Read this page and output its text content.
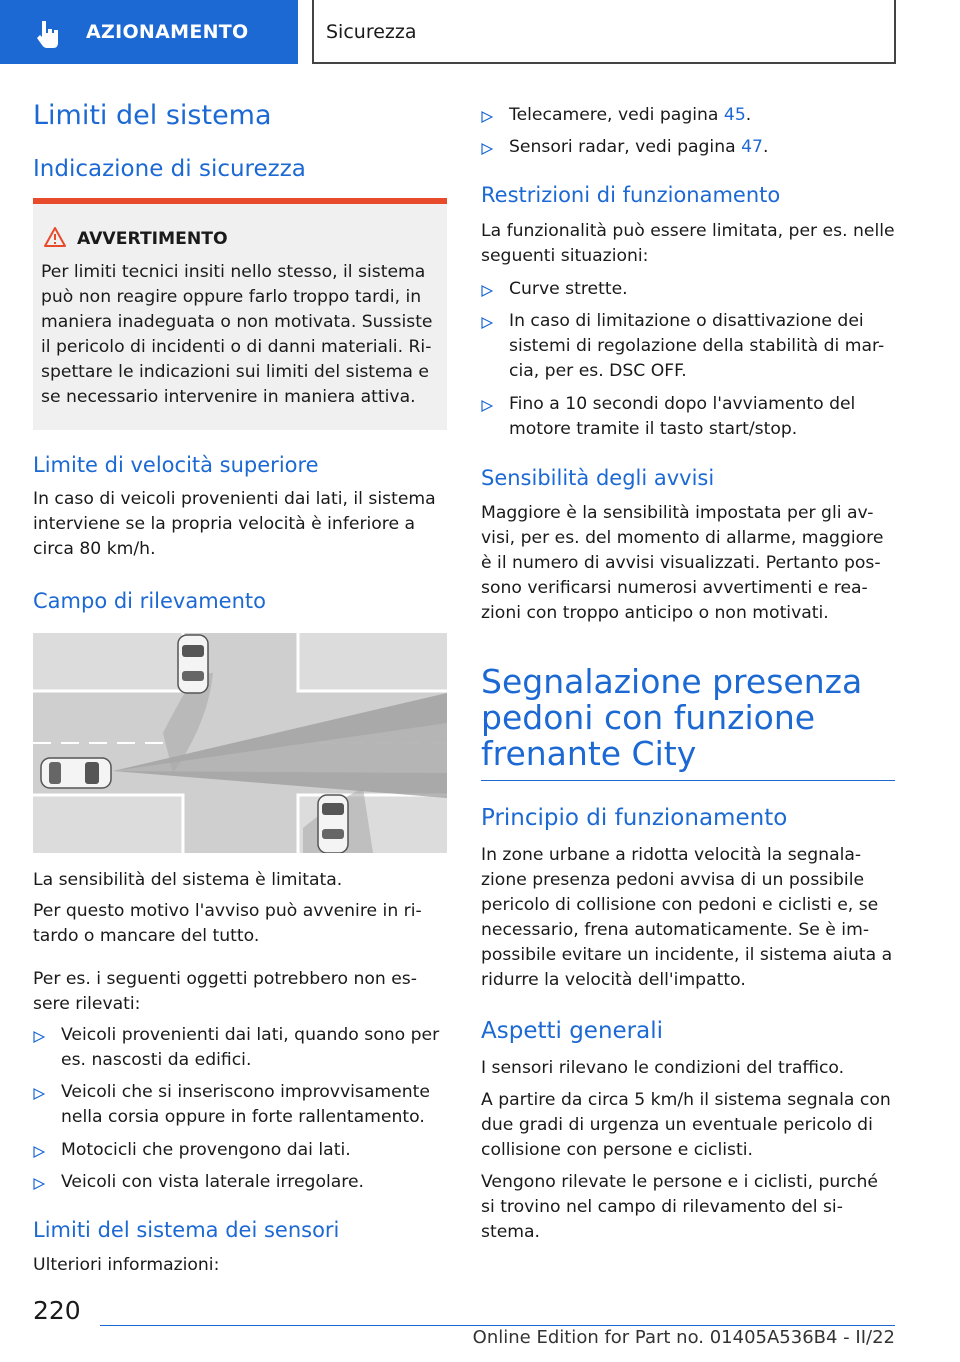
AZIONAMENTO	Sicurezza
Limiti del sistema
Indicazione di sicurezza
AVVERTIMENTO
Per limiti tecnici insiti nello stesso, il sistema può non reagire oppure farlo troppo tardi, in maniera inadeguata o non motivata. Sussiste il pericolo di incidenti o di danni materiali. Ri-spettare le indicazioni sui limiti del sistema e se necessario intervenire in maniera attiva.
Limite di velocità superiore
In caso di veicoli provenienti dai lati, il sistema interviene se la propria velocità è inferiore a circa 80 km/h.
Campo di rilevamento
La sensibilità del sistema è limitata.
Per questo motivo l'avviso può avvenire in ri-tardo o mancare del tutto.
Per es. i seguenti oggetti potrebbero non es-sere rilevati:
Veicoli provenienti dai lati, quando sono per es. nascosti da edifici.
Veicoli che si inseriscono improvvisamente nella corsia oppure in forte rallentamento.
Motocicli che provengono dai lati.
Veicoli con vista laterale irregolare.
Limiti del sistema dei sensori
Ulteriori informazioni:
Telecamere, vedi pagina 45.
Sensori radar, vedi pagina 47.
Restrizioni di funzionamento
La funzionalità può essere limitata, per es. nelle seguenti situazioni:
Curve strette.
In caso di limitazione o disattivazione dei sistemi di regolazione della stabilità di mar-cia, per es. DSC OFF.
Fino a 10 secondi dopo l'avviamento del motore tramite il tasto start/stop.
Sensibilità degli avvisi
Maggiore è la sensibilità impostata per gli av-visi, per es. del momento di allarme, maggiore è il numero di avvisi visualizzati. Pertanto pos-sono verificarsi numerosi avvertimenti e rea-zioni con troppo anticipo o non motivati.
Segnalazione presenza pedoni con funzione frenante City
Principio di funzionamento
In zone urbane a ridotta velocità la segnala-zione presenza pedoni avvisa di un possibile pericolo di collisione con pedoni e ciclisti e, se necessario, frena automaticamente. Se è im-possibile evitare un incidente, il sistema aiuta a ridurre la velocità dell'impatto.
Aspetti generali
I sensori rilevano le condizioni del traffico.
A partire da circa 5 km/h il sistema segnala con due gradi di urgenza un eventuale pericolo di collisione con persone e ciclisti.
Vengono rilevate le persone e i ciclisti, purché si trovino nel campo di rilevamento del si-stema.
220
Online Edition for Part no. 01405A536B4 - II/22
